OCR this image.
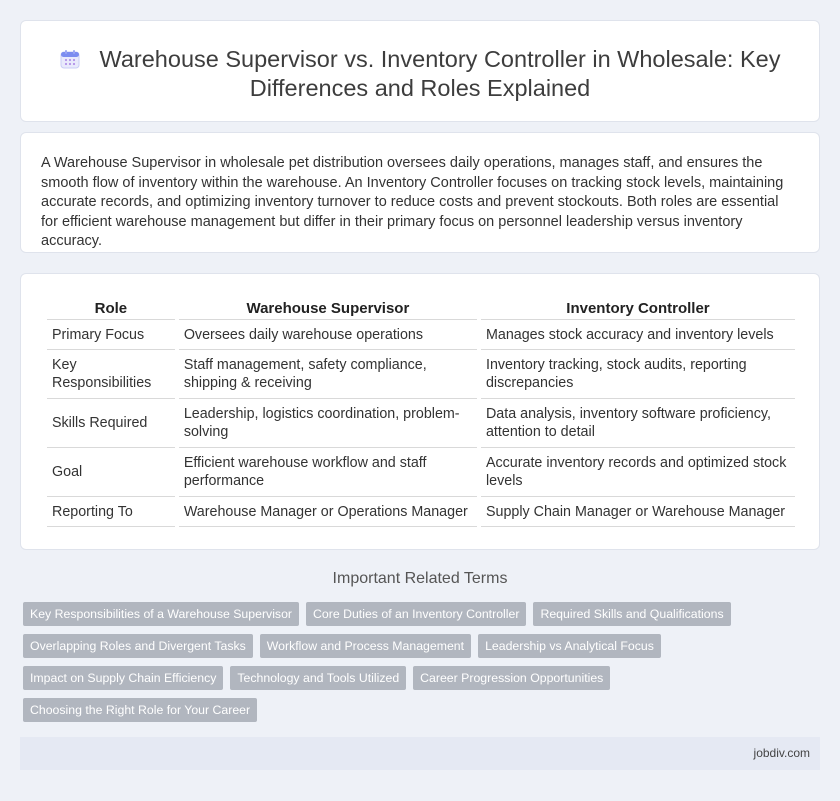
Warehouse Supervisor vs. Inventory Controller in Wholesale: Key Differences and Roles Explained

A Warehouse Supervisor in wholesale pet distribution oversees daily operations, manages staff, and ensures the smooth flow of inventory within the warehouse. An Inventory Controller focuses on tracking stock levels, maintaining accurate records, and optimizing inventory turnover to reduce costs and prevent stockouts. Both roles are essential for efficient warehouse management but differ in their primary focus on personnel leadership versus inventory accuracy.

Role	Warehouse Supervisor	Inventory Controller
Primary Focus	Oversees daily warehouse operations	Manages stock accuracy and inventory levels
Key Responsibilities	Staff management, safety compliance, shipping & receiving	Inventory tracking, stock audits, reporting discrepancies
Skills Required	Leadership, logistics coordination, problem-solving	Data analysis, inventory software proficiency, attention to detail
Goal	Efficient warehouse workflow and staff performance	Accurate inventory records and optimized stock levels
Reporting To	Warehouse Manager or Operations Manager	Supply Chain Manager or Warehouse Manager
Important Related Terms
Key Responsibilities of a Warehouse Supervisor Core Duties of an Inventory Controller Required Skills and Qualifications
Overlapping Roles and Divergent Tasks Workflow and Process Management Leadership vs Analytical Focus
Impact on Supply Chain Efficiency Technology and Tools Utilized Career Progression Opportunities
Choosing the Right Role for Your Career
jobdiv.com
